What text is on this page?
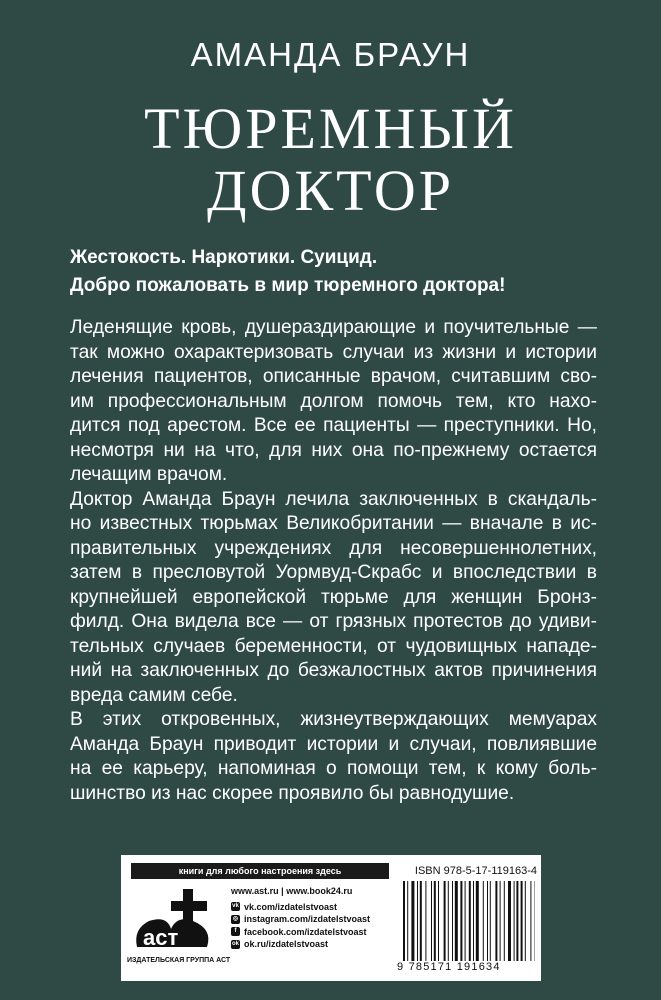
АМАНДА БРАУН
ТЮРЕМНЫЙ
ДОКТОР
Жестокость. Наркотики. Суицид.
Добро пожаловать в мир тюремного доктора!
Леденящие кровь, душераздирающие и поучительные —
так можно охарактеризовать случаи из жизни и истории
лечения пациентов, описанные врачом, считавшим сво-
им профессиональным долгом помочь тем, кто нахо-
дится под арестом. Все ее пациенты — преступники. Но,
несмотря ни на что, для них она по-прежнему остается
лечащим врачом.
Доктор Аманда Браун лечила заключенных в скандаль-
но известных тюрьмах Великобритании — вначале в ис-
правительных учреждениях для несовершеннолетних,
затем в пресловутой Уормвуд-Скрабс и впоследствии в
крупнейшей европейской тюрьме для женщин Бронз-
филд. Она видела все — от грязных протестов до удиви-
тельных случаев беременности, от чудовищных нападе-
ний на заключенных до безжалостных актов причинения
вреда самим себе.
В этих откровенных, жизнеутверждающих мемуарах
Аманда Браун приводит истории и случаи, повлиявшие
на ее карьеру, напоминая о помощи тем, к кому боль-
шинство из нас скорее проявило бы равнодушие.
книги для любого настроения здесь
аст
ИЗДАТЕЛЬСКАЯ ГРУППА АСТ
www.ast.ru | www.book24.ru
vk vk.com/izdatelstvoast
◎ instagram.com/izdatelstvoast
f facebook.com/izdatelstvoast
ok ok.ru/izdatelstvoast
ISBN 978-5-17-119163-4
9 785171 191634
